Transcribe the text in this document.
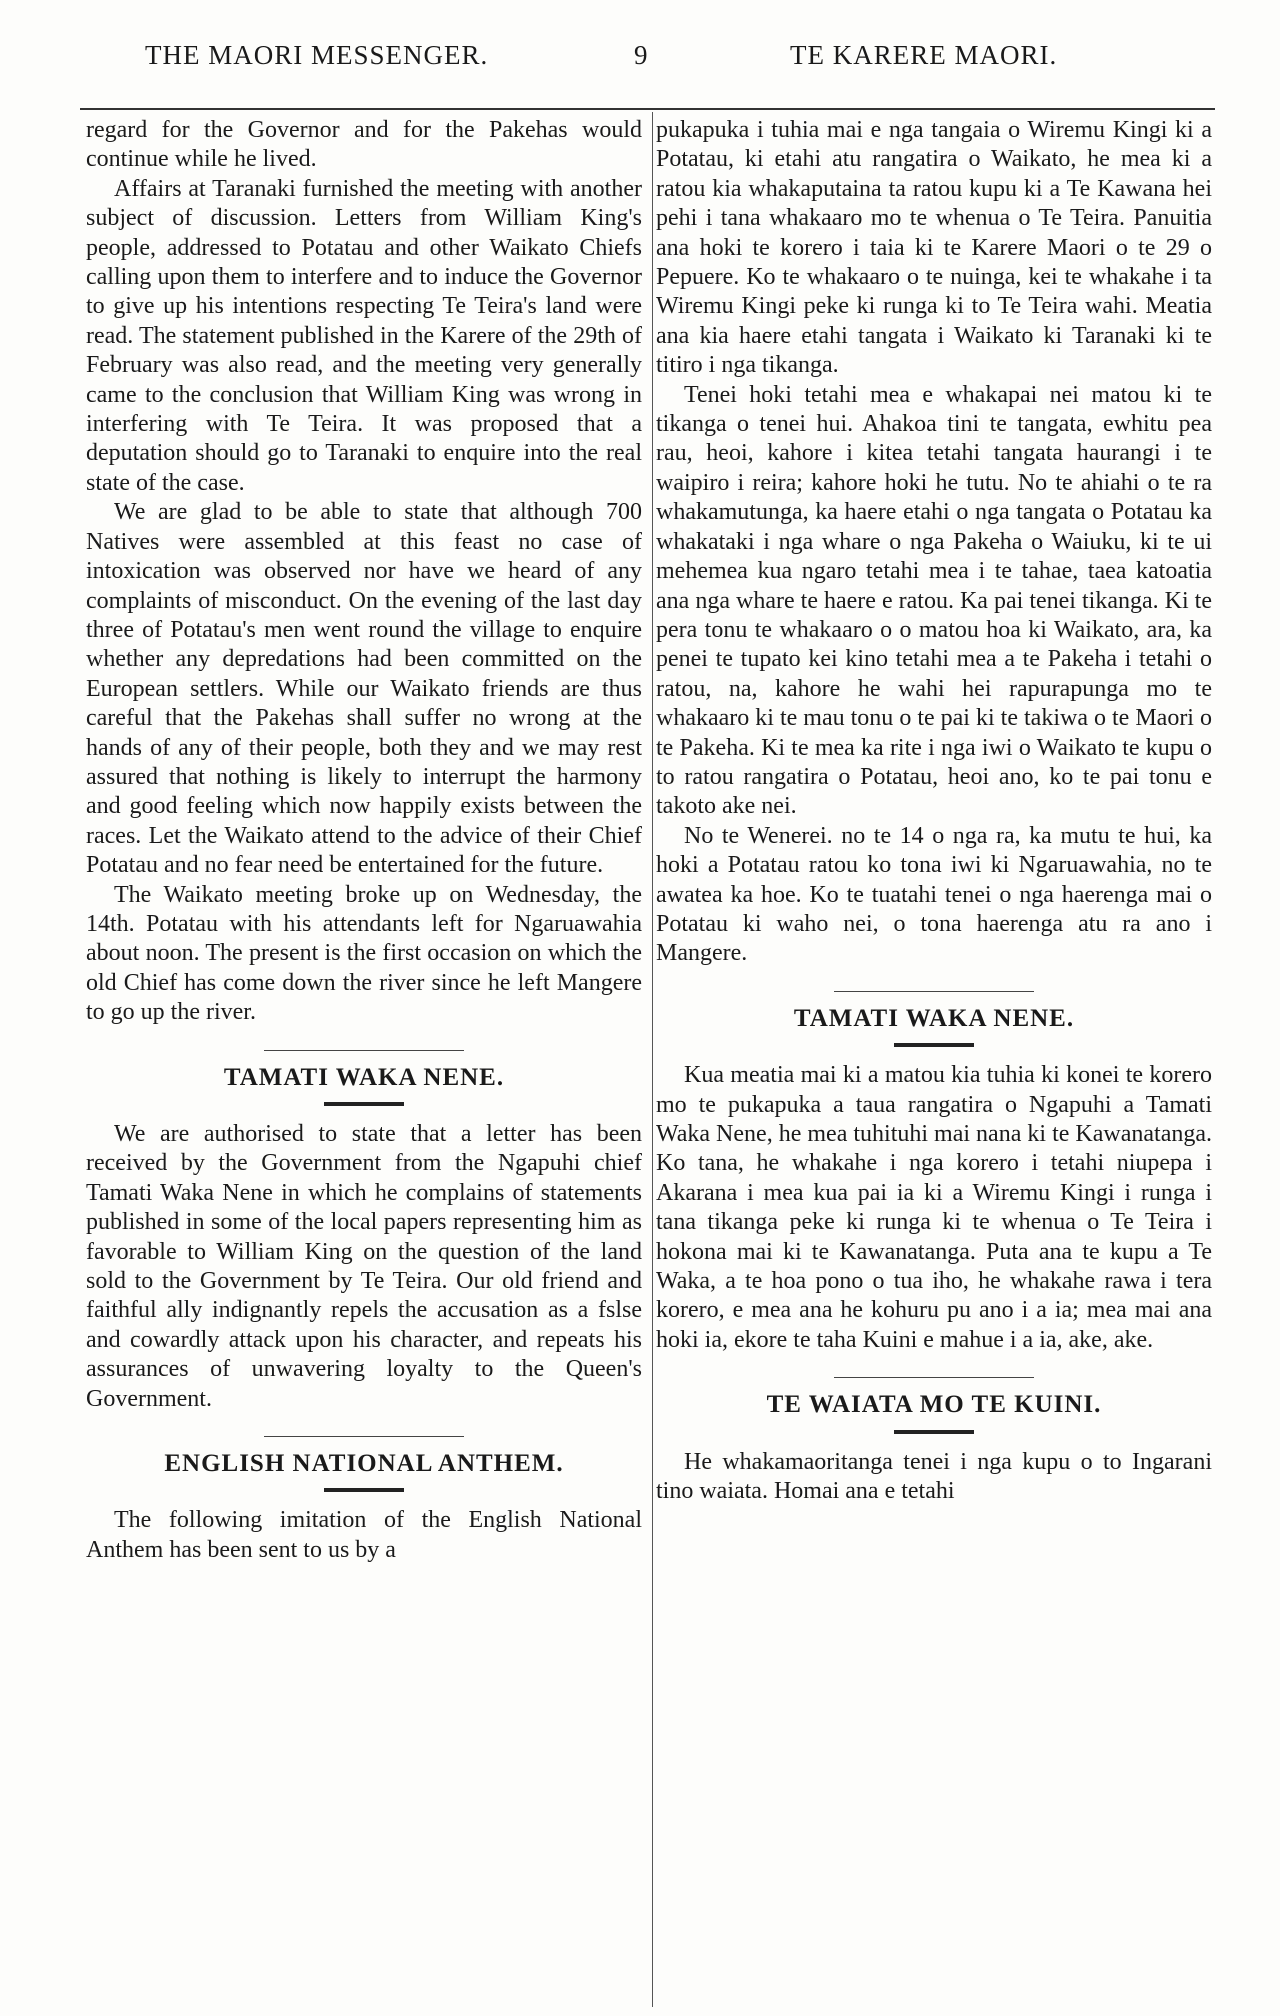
THE MAORI MESSENGER.	9	TE KARERE MAORI.

regard for the Governor and for the Pakehas would continue while he lived.

Affairs at Taranaki furnished the meeting with another subject of discussion. Letters from William King's people, addressed to Potatau and other Waikato Chiefs calling upon them to interfere and to induce the Governor to give up his intentions respecting Te Teira's land were read. The statement published in the Karere of the 29th of February was also read, and the meeting very generally came to the conclusion that William King was wrong in interfering with Te Teira. It was proposed that a deputation should go to Taranaki to enquire into the real state of the case.

We are glad to be able to state that although 700 Natives were assembled at this feast no case of intoxication was observed nor have we heard of any complaints of misconduct. On the evening of the last day three of Potatau's men went round the village to enquire whether any depredations had been committed on the European settlers. While our Waikato friends are thus careful that the Pakehas shall suffer no wrong at the hands of any of their people, both they and we may rest assured that nothing is likely to interrupt the harmony and good feeling which now happily exists between the races. Let the Waikato attend to the advice of their Chief Potatau and no fear need be entertained for the future.

The Waikato meeting broke up on Wednesday, the 14th. Potatau with his attendants left for Ngaruawahia about noon. The present is the first occasion on which the old Chief has come down the river since he left Mangere to go up the river.

TAMATI WAKA NENE.

We are authorised to state that a letter has been received by the Government from the Ngapuhi chief Tamati Waka Nene in which he complains of statements published in some of the local papers representing him as favorable to William King on the question of the land sold to the Government by Te Teira. Our old friend and faithful ally indignantly repels the accusation as a fslse and cowardly attack upon his character, and repeats his assurances of unwavering loyalty to the Queen's Government.

ENGLISH NATIONAL ANTHEM.

The following imitation of the English National Anthem has been sent to us by a

pukapuka i tuhia mai e nga tangaia o Wiremu Kingi ki a Potatau, ki etahi atu rangatira o Waikato, he mea ki a ratou kia whakaputaina ta ratou kupu ki a Te Kawana hei pehi i tana whakaaro mo te whenua o Te Teira. Panuitia ana hoki te korero i taia ki te Karere Maori o te 29 o Pepuere. Ko te whakaaro o te nuinga, kei te whakahe i ta Wiremu Kingi peke ki runga ki to Te Teira wahi. Meatia ana kia haere etahi tangata i Waikato ki Taranaki ki te titiro i nga tikanga.

Tenei hoki tetahi mea e whakapai nei matou ki te tikanga o tenei hui. Ahakoa tini te tangata, ewhitu pea rau, heoi, kahore i kitea tetahi tangata haurangi i te waipiro i reira; kahore hoki he tutu. No te ahiahi o te ra whakamutunga, ka haere etahi o nga tangata o Potatau ka whakataki i nga whare o nga Pakeha o Waiuku, ki te ui mehemea kua ngaro tetahi mea i te tahae, taea katoatia ana nga whare te haere e ratou. Ka pai tenei tikanga. Ki te pera tonu te whakaaro o o matou hoa ki Waikato, ara, ka penei te tupato kei kino tetahi mea a te Pakeha i tetahi o ratou, na, kahore he wahi hei rapurapunga mo te whakaaro ki te mau tonu o te pai ki te takiwa o te Maori o te Pakeha. Ki te mea ka rite i nga iwi o Waikato te kupu o to ratou rangatira o Potatau, heoi ano, ko te pai tonu e takoto ake nei.

No te Wenerei. no te 14 o nga ra, ka mutu te hui, ka hoki a Potatau ratou ko tona iwi ki Ngaruawahia, no te awatea ka hoe. Ko te tuatahi tenei o nga haerenga mai o Potatau ki waho nei, o tona haerenga atu ra ano i Mangere.

TAMATI WAKA NENE.

Kua meatia mai ki a matou kia tuhia ki konei te korero mo te pukapuka a taua rangatira o Ngapuhi a Tamati Waka Nene, he mea tuhituhi mai nana ki te Kawanatanga. Ko tana, he whakahe i nga korero i tetahi niupepa i Akarana i mea kua pai ia ki a Wiremu Kingi i runga i tana tikanga peke ki runga ki te whenua o Te Teira i hokona mai ki te Kawanatanga. Puta ana te kupu a Te Waka, a te hoa pono o tua iho, he whakahe rawa i tera korero, e mea ana he kohuru pu ano i a ia; mea mai ana hoki ia, ekore te taha Kuini e mahue i a ia, ake, ake.

TE WAIATA MO TE KUINI.

He whakamaoritanga tenei i nga kupu o to Ingarani tino waiata. Homai ana e tetahi
